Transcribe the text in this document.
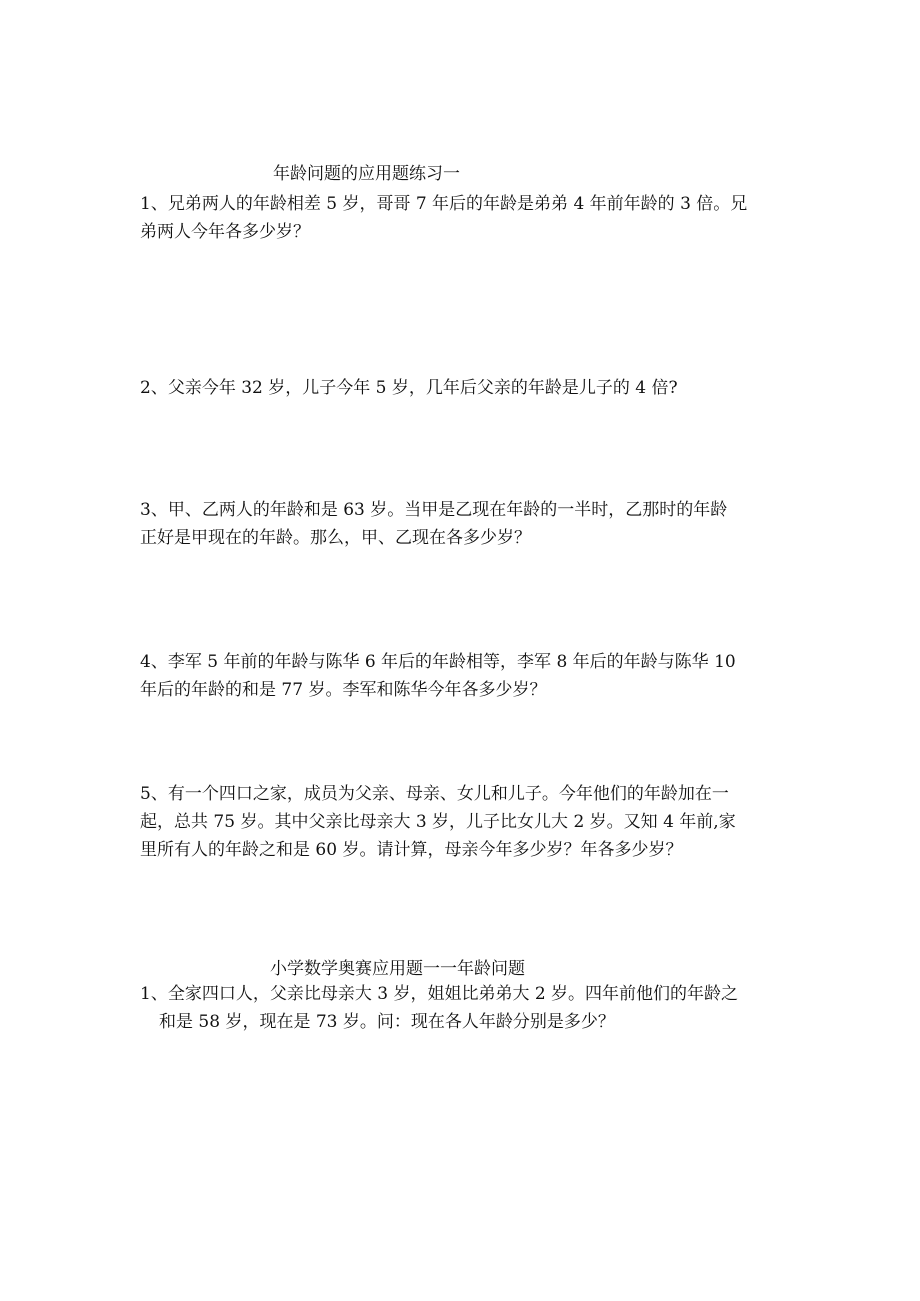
年龄问题的应用题练习一

1、兄弟两人的年龄相差 5 岁，哥哥 7 年后的年龄是弟弟 4 年前年龄的 3 倍。兄

弟两人今年各多少岁？

2、父亲今年 32 岁，儿子今年 5 岁，几年后父亲的年龄是儿子的 4 倍?

3、甲、乙两人的年龄和是 63 岁。当甲是乙现在年龄的一半时，乙那时的年龄

正好是甲现在的年龄。那么，甲、乙现在各多少岁？

4、李军 5 年前的年龄与陈华 6 年后的年龄相等，李军 8 年后的年龄与陈华 10

年后的年龄的和是 77 岁。李军和陈华今年各多少岁？

5、有一个四口之家，成员为父亲、母亲、女儿和儿子。今年他们的年龄加在一

起，总共 75 岁。其中父亲比母亲大 3 岁，儿子比女儿大 2 岁。又知 4 年前,家

里所有人的年龄之和是 60 岁。请计算，母亲今年多少岁？年各多少岁？

小学数学奥赛应用题一一年龄问题

1、全家四口人，父亲比母亲大 3 岁，姐姐比弟弟大 2 岁。四年前他们的年龄之

和是 58 岁，现在是 73 岁。问：现在各人年龄分别是多少？
